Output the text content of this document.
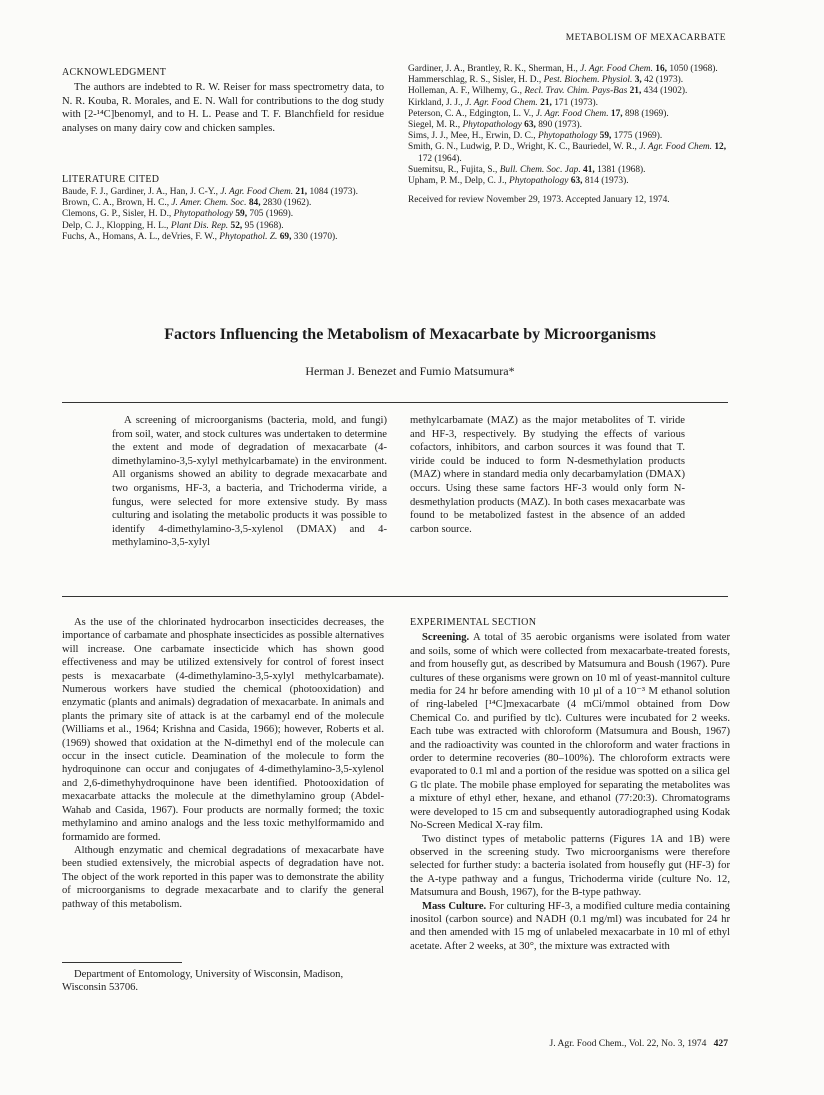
METABOLISM OF MEXACARBATE
ACKNOWLEDGMENT

The authors are indebted to R. W. Reiser for mass spectrometry data, to N. R. Kouba, R. Morales, and E. N. Wall for contributions to the dog study with [2-¹⁴C]benomyl, and to H. L. Pease and T. F. Blanchfield for residue analyses on many dairy cow and chicken samples.

LITERATURE CITED

Baude, F. J., Gardiner, J. A., Han, J. C-Y., J. Agr. Food Chem. 21, 1084 (1973).

Brown, C. A., Brown, H. C., J. Amer. Chem. Soc. 84, 2830 (1962).

Clemons, G. P., Sisler, H. D., Phytopathology 59, 705 (1969).

Delp, C. J., Klopping, H. L., Plant Dis. Rep. 52, 95 (1968).

Fuchs, A., Homans, A. L., deVries, F. W., Phytopathol. Z. 69, 330 (1970).

Gardiner, J. A., Brantley, R. K., Sherman, H., J. Agr. Food Chem. 16, 1050 (1968).

Hammerschlag, R. S., Sisler, H. D., Pest. Biochem. Physiol. 3, 42 (1973).

Holleman, A. F., Wilhemy, G., Recl. Trav. Chim. Pays-Bas 21, 434 (1902).

Kirkland, J. J., J. Agr. Food Chem. 21, 171 (1973).

Peterson, C. A., Edgington, L. V., J. Agr. Food Chem. 17, 898 (1969).

Siegel, M. R., Phytopathology 63, 890 (1973).

Sims, J. J., Mee, H., Erwin, D. C., Phytopathology 59, 1775 (1969).

Smith, G. N., Ludwig, P. D., Wright, K. C., Bauriedel, W. R., J. Agr. Food Chem. 12, 172 (1964).

Suemitsu, R., Fujita, S., Bull. Chem. Soc. Jap. 41, 1381 (1968).

Upham, P. M., Delp, C. J., Phytopathology 63, 814 (1973).

Received for review November 29, 1973. Accepted January 12, 1974.
Factors Influencing the Metabolism of Mexacarbate by Microorganisms
Herman J. Benezet and Fumio Matsumura*

A screening of microorganisms (bacteria, mold, and fungi) from soil, water, and stock cultures was undertaken to determine the extent and mode of degradation of mexacarbate (4-dimethylamino-3,5-xylyl methylcarbamate) in the environment. All organisms showed an ability to degrade mexacarbate and two organisms, HF-3, a bacteria, and Trichoderma viride, a fungus, were selected for more extensive study. By mass culturing and isolating the metabolic products it was possible to identify 4-dimethylamino-3,5-xylenol (DMAX) and 4-methylamino-3,5-xylyl

methylcarbamate (MAZ) as the major metabolites of T. viride and HF-3, respectively. By studying the effects of various cofactors, inhibitors, and carbon sources it was found that T. viride could be induced to form N-desmethylation products (MAZ) where in standard media only decarbamylation (DMAX) occurs. Using these same factors HF-3 would only form N-desmethylation products (MAZ). In both cases mexacarbate was found to be metabolized fastest in the absence of an added carbon source.

As the use of the chlorinated hydrocarbon insecticides decreases, the importance of carbamate and phosphate insecticides as possible alternatives will increase. One carbamate insecticide which has shown good effectiveness and may be utilized extensively for control of forest insect pests is mexacarbate (4-dimethylamino-3,5-xylyl methylcarbamate). Numerous workers have studied the chemical (photooxidation) and enzymatic (plants and animals) degradation of mexacarbate. In animals and plants the primary site of attack is at the carbamyl end of the molecule (Williams et al., 1964; Krishna and Casida, 1966); however, Roberts et al. (1969) showed that oxidation at the N-dimethyl end of the molecule can occur in the insect cuticle. Deamination of the molecule to form the hydroquinone can occur and conjugates of 4-dimethylamino-3,5-xylenol and 2,6-dimethyhydroquinone have been identified. Photooxidation of mexacarbate attacks the molecule at the dimethylamino group (Abdel-Wahab and Casida, 1967). Four products are normally formed; the toxic methylamino and amino analogs and the less toxic methylformamido and formamido are formed.

Although enzymatic and chemical degradations of mexacarbate have been studied extensively, the microbial aspects of degradation have not. The object of the work reported in this paper was to demonstrate the ability of microorganisms to degrade mexacarbate and to clarify the general pathway of this metabolism.

Department of Entomology, University of Wisconsin, Madison, Wisconsin 53706.
EXPERIMENTAL SECTION

Screening. A total of 35 aerobic organisms were isolated from water and soils, some of which were collected from mexacarbate-treated forests, and from housefly gut, as described by Matsumura and Boush (1967). Pure cultures of these organisms were grown on 10 ml of yeast-mannitol culture media for 24 hr before amending with 10 µl of a 10⁻³ M ethanol solution of ring-labeled [¹⁴C]mexacarbate (4 mCi/mmol obtained from Dow Chemical Co. and purified by tlc). Cultures were incubated for 2 weeks. Each tube was extracted with chloroform (Matsumura and Boush, 1967) and the radioactivity was counted in the chloroform and water fractions in order to determine recoveries (80–100%). The chloroform extracts were evaporated to 0.1 ml and a portion of the residue was spotted on a silica gel G tlc plate. The mobile phase employed for separating the metabolites was a mixture of ethyl ether, hexane, and ethanol (77:20:3). Chromatograms were developed to 15 cm and subsequently autoradiographed using Kodak No-Screen Medical X-ray film.

Two distinct types of metabolic patterns (Figures 1A and 1B) were observed in the screening study. Two microorganisms were therefore selected for further study: a bacteria isolated from housefly gut (HF-3) for the A-type pathway and a fungus, Trichoderma viride (culture No. 12, Matsumura and Boush, 1967), for the B-type pathway.

Mass Culture. For culturing HF-3, a modified culture media containing inositol (carbon source) and NADH (0.1 mg/ml) was incubated for 24 hr and then amended with 15 mg of unlabeled mexacarbate in 10 ml of ethyl acetate. After 2 weeks, at 30°, the mixture was extracted with

J. Agr. Food Chem., Vol. 22, No. 3, 1974 427
